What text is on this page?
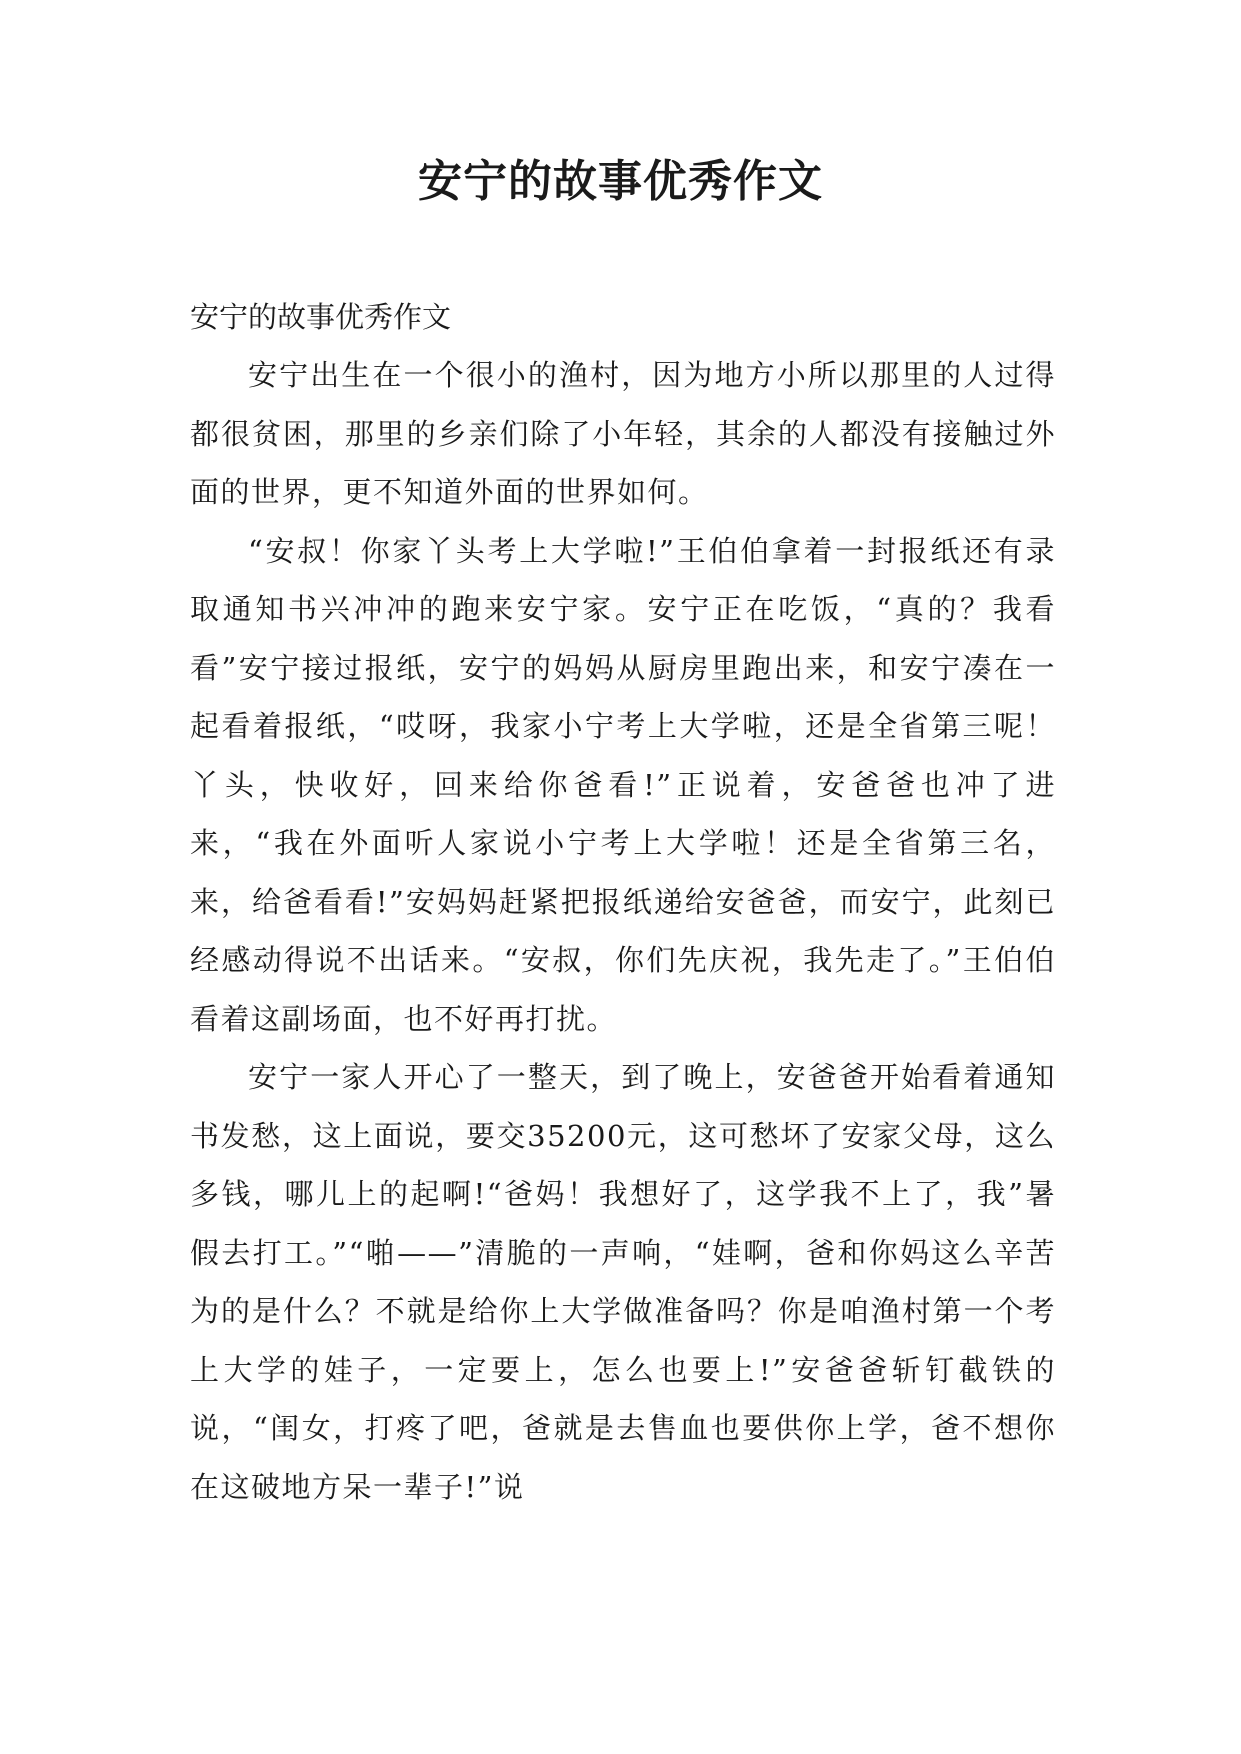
安宁的故事优秀作文

安宁的故事优秀作文

安宁出生在一个很小的渔村，因为地方小所以那里的人过得都很贫困，那里的乡亲们除了小年轻，其余的人都没有接触过外面的世界，更不知道外面的世界如何。

“安叔！你家丫头考上大学啦!”王伯伯拿着一封报纸还有录取通知书兴冲冲的跑来安宁家。安宁正在吃饭，“真的？我看看”安宁接过报纸，安宁的妈妈从厨房里跑出来，和安宁凑在一起看着报纸，“哎呀，我家小宁考上大学啦，还是全省第三呢！丫头，快收好，回来给你爸看!”正说着，安爸爸也冲了进来，“我在外面听人家说小宁考上大学啦！还是全省第三名，来，给爸看看!”安妈妈赶紧把报纸递给安爸爸，而安宁，此刻已经感动得说不出话来。“安叔，你们先庆祝，我先走了。”王伯伯看着这副场面，也不好再打扰。

安宁一家人开心了一整天，到了晚上，安爸爸开始看着通知书发愁，这上面说，要交35200元，这可愁坏了安家父母，这么多钱，哪儿上的起啊!“爸妈！我想好了，这学我不上了，我”暑假去打工。”“啪——”清脆的一声响，“娃啊，爸和你妈这么辛苦为的是什么？不就是给你上大学做准备吗？你是咱渔村第一个考上大学的娃子，一定要上，怎么也要上!”安爸爸斩钉截铁的说，“闺女，打疼了吧，爸就是去售血也要供你上学，爸不想你在这破地方呆一辈子!”说
